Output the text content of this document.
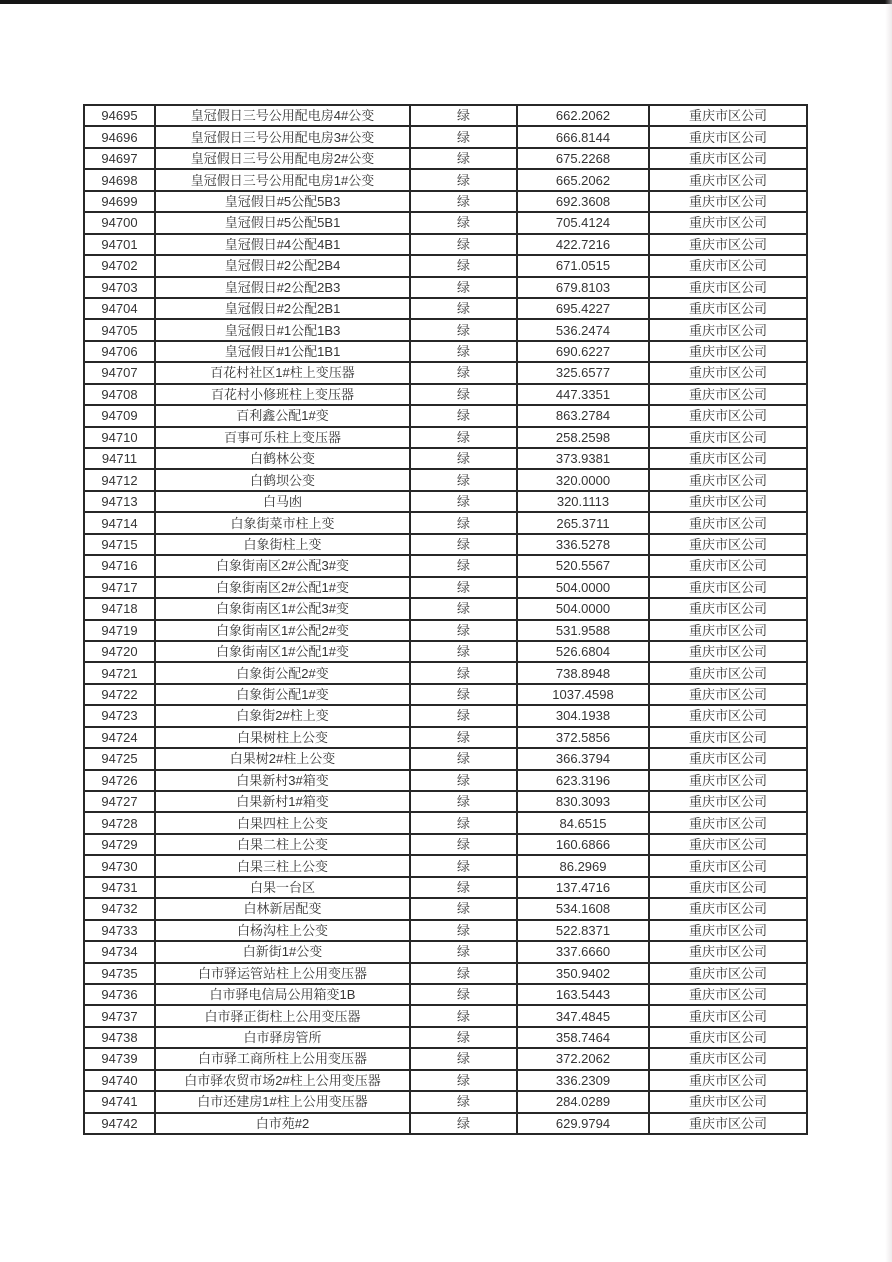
94695	皇冠假日三号公用配电房4#公变	绿	662.2062	重庆市区公司
94696	皇冠假日三号公用配电房3#公变	绿	666.8144	重庆市区公司
94697	皇冠假日三号公用配电房2#公变	绿	675.2268	重庆市区公司
94698	皇冠假日三号公用配电房1#公变	绿	665.2062	重庆市区公司
94699	皇冠假日#5公配5B3	绿	692.3608	重庆市区公司
94700	皇冠假日#5公配5B1	绿	705.4124	重庆市区公司
94701	皇冠假日#4公配4B1	绿	422.7216	重庆市区公司
94702	皇冠假日#2公配2B4	绿	671.0515	重庆市区公司
94703	皇冠假日#2公配2B3	绿	679.8103	重庆市区公司
94704	皇冠假日#2公配2B1	绿	695.4227	重庆市区公司
94705	皇冠假日#1公配1B3	绿	536.2474	重庆市区公司
94706	皇冠假日#1公配1B1	绿	690.6227	重庆市区公司
94707	百花村社区1#柱上变压器	绿	325.6577	重庆市区公司
94708	百花村小修班柱上变压器	绿	447.3351	重庆市区公司
94709	百利鑫公配1#变	绿	863.2784	重庆市区公司
94710	百事可乐柱上变压器	绿	258.2598	重庆市区公司
94711	白鹤林公变	绿	373.9381	重庆市区公司
94712	白鹤坝公变	绿	320.0000	重庆市区公司
94713	白马凼	绿	320.1113	重庆市区公司
94714	白象街菜市柱上变	绿	265.3711	重庆市区公司
94715	白象街柱上变	绿	336.5278	重庆市区公司
94716	白象街南区2#公配3#变	绿	520.5567	重庆市区公司
94717	白象街南区2#公配1#变	绿	504.0000	重庆市区公司
94718	白象街南区1#公配3#变	绿	504.0000	重庆市区公司
94719	白象街南区1#公配2#变	绿	531.9588	重庆市区公司
94720	白象街南区1#公配1#变	绿	526.6804	重庆市区公司
94721	白象街公配2#变	绿	738.8948	重庆市区公司
94722	白象街公配1#变	绿	1037.4598	重庆市区公司
94723	白象街2#柱上变	绿	304.1938	重庆市区公司
94724	白果树柱上公变	绿	372.5856	重庆市区公司
94725	白果树2#柱上公变	绿	366.3794	重庆市区公司
94726	白果新村3#箱变	绿	623.3196	重庆市区公司
94727	白果新村1#箱变	绿	830.3093	重庆市区公司
94728	白果四柱上公变	绿	84.6515	重庆市区公司
94729	白果二柱上公变	绿	160.6866	重庆市区公司
94730	白果三柱上公变	绿	86.2969	重庆市区公司
94731	白果一台区	绿	137.4716	重庆市区公司
94732	白林新居配变	绿	534.1608	重庆市区公司
94733	白杨沟柱上公变	绿	522.8371	重庆市区公司
94734	白新街1#公变	绿	337.6660	重庆市区公司
94735	白市驿运管站柱上公用变压器	绿	350.9402	重庆市区公司
94736	白市驿电信局公用箱变1B	绿	163.5443	重庆市区公司
94737	白市驿正街柱上公用变压器	绿	347.4845	重庆市区公司
94738	白市驿房管所	绿	358.7464	重庆市区公司
94739	白市驿工商所柱上公用变压器	绿	372.2062	重庆市区公司
94740	白市驿农贸市场2#柱上公用变压器	绿	336.2309	重庆市区公司
94741	白市还建房1#柱上公用变压器	绿	284.0289	重庆市区公司
94742	白市苑#2	绿	629.9794	重庆市区公司
